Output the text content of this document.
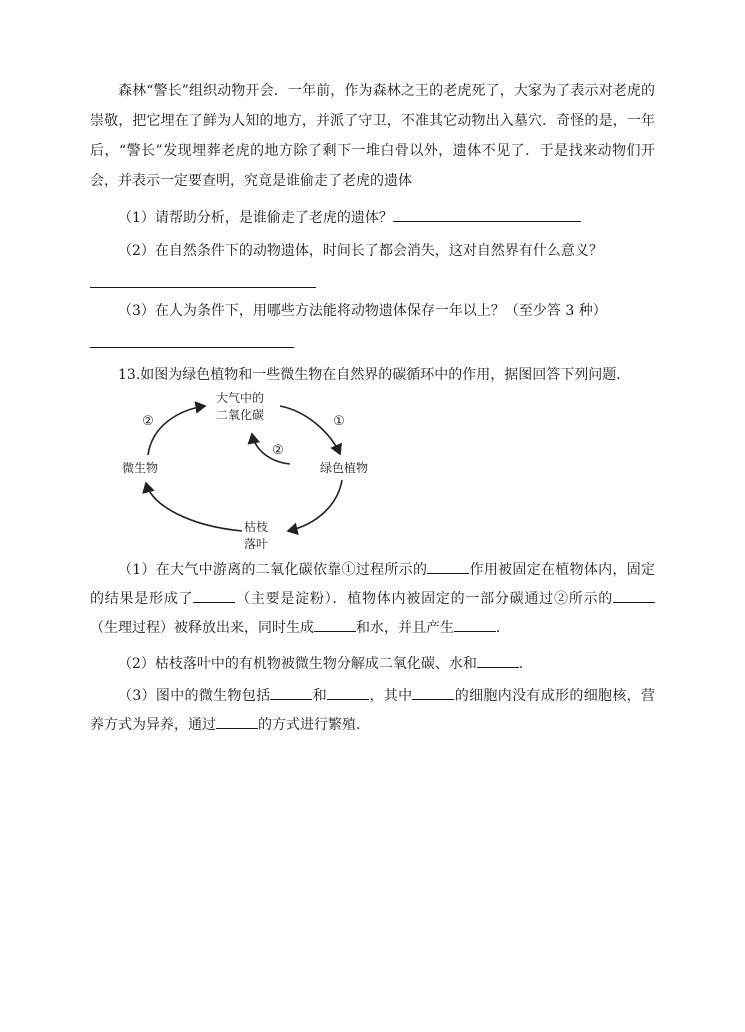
森林“警长”组织动物开会．一年前，作为森林之王的老虎死了，大家为了表示对老虎的崇敬，把它埋在了鲜为人知的地方，并派了守卫，不准其它动物出入墓穴．奇怪的是，一年后，“警长”发现埋葬老虎的地方除了剩下一堆白骨以外，遗体不见了．于是找来动物们开会，并表示一定要查明，究竟是谁偷走了老虎的遗体

（1）请帮助分析，是谁偷走了老虎的遗体？

（2）在自然条件下的动物遗体，时间长了都会消失，这对自然界有什么意义？

（3）在人为条件下，用哪些方法能将动物遗体保存一年以上？（至少答 3 种）

13.如图为绿色植物和一些微生物在自然界的碳循环中的作用，据图回答下列问题．

大气中的
二氧化碳
绿色植物
微生物
枯枝
落叶
①
②
②

（1）在大气中游离的二氧化碳依靠①过程所示的	作用被固定在植物体内，固定的结果是形成了	（主要是淀粉）．植物体内被固定的一部分碳通过②所示的（生理过程）被释放出来，同时生成	和水，并且产生	．

（2）枯枝落叶中的有机物被微生物分解成二氧化碳、水和	．

（3）图中的微生物包括	和	，其中	的细胞内没有成形的细胞核，营养方式为异养，通过	的方式进行繁殖．
